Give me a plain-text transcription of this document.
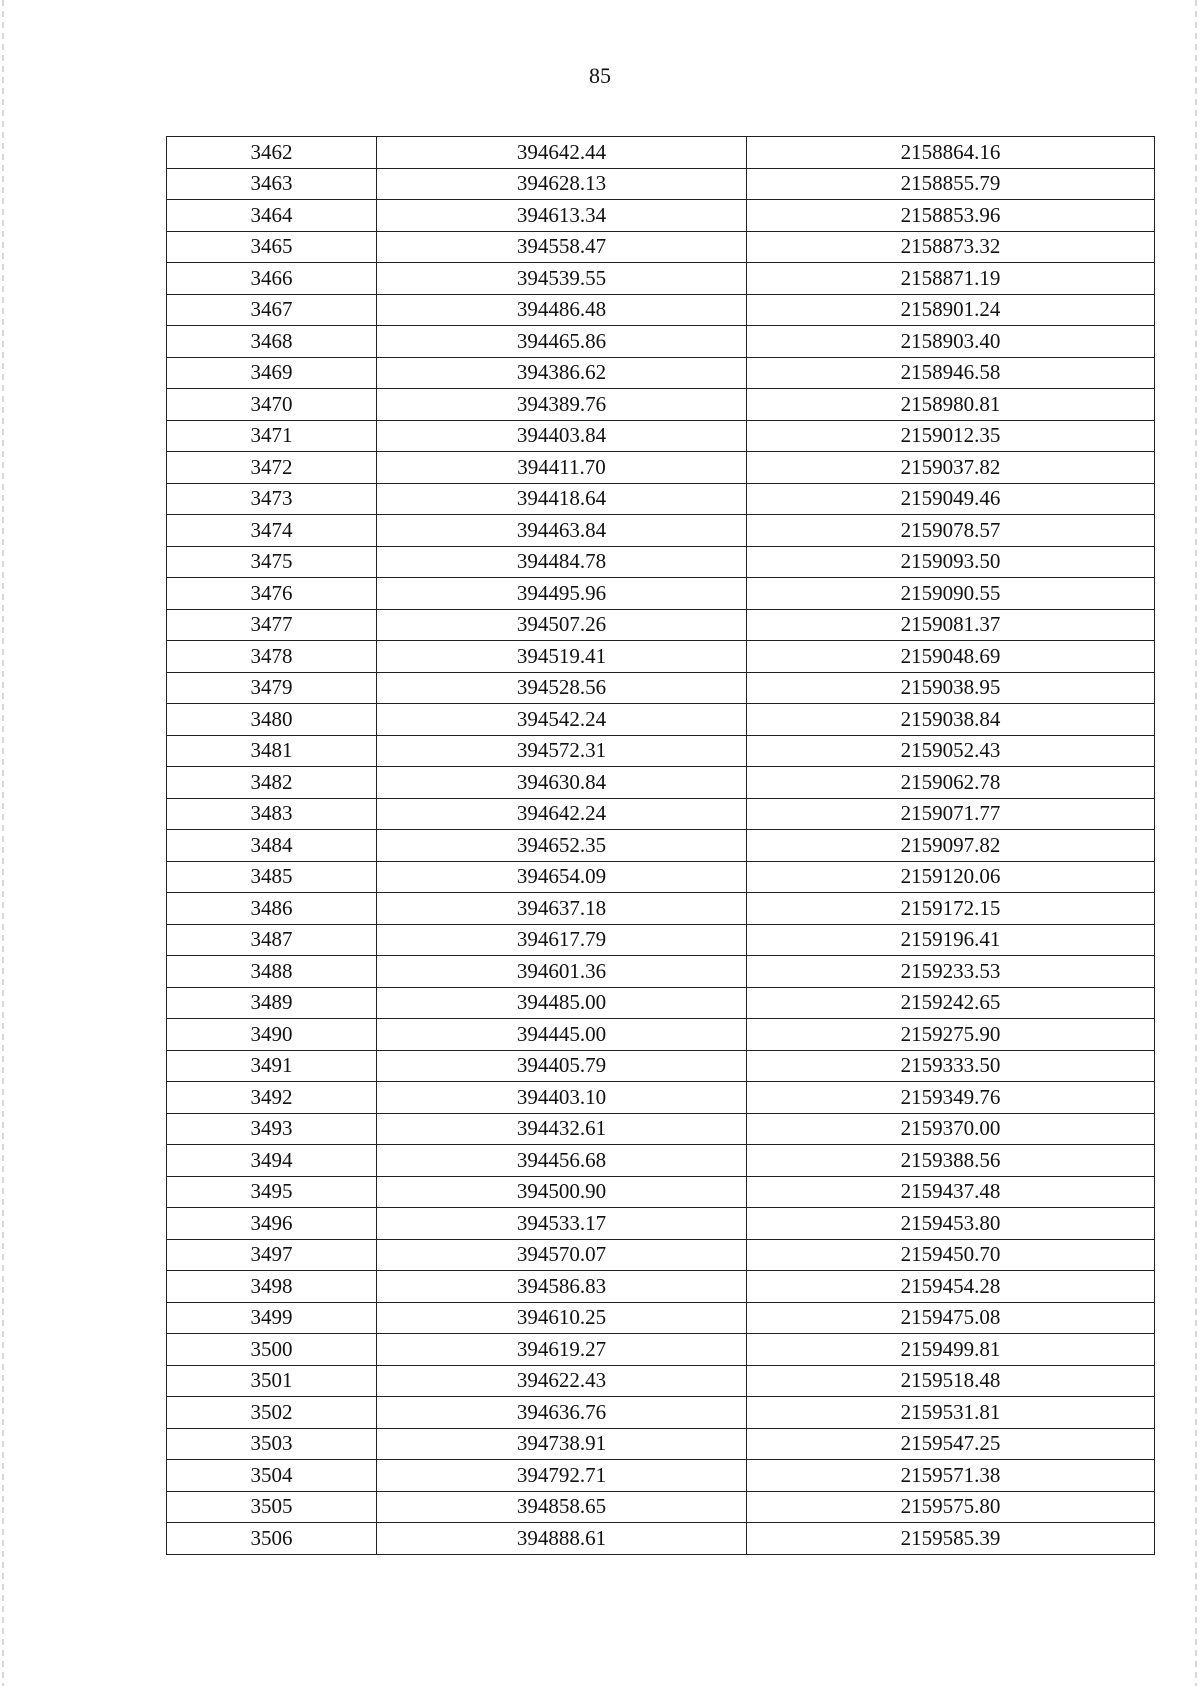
85
3462	394642.44	2158864.16
3463	394628.13	2158855.79
3464	394613.34	2158853.96
3465	394558.47	2158873.32
3466	394539.55	2158871.19
3467	394486.48	2158901.24
3468	394465.86	2158903.40
3469	394386.62	2158946.58
3470	394389.76	2158980.81
3471	394403.84	2159012.35
3472	394411.70	2159037.82
3473	394418.64	2159049.46
3474	394463.84	2159078.57
3475	394484.78	2159093.50
3476	394495.96	2159090.55
3477	394507.26	2159081.37
3478	394519.41	2159048.69
3479	394528.56	2159038.95
3480	394542.24	2159038.84
3481	394572.31	2159052.43
3482	394630.84	2159062.78
3483	394642.24	2159071.77
3484	394652.35	2159097.82
3485	394654.09	2159120.06
3486	394637.18	2159172.15
3487	394617.79	2159196.41
3488	394601.36	2159233.53
3489	394485.00	2159242.65
3490	394445.00	2159275.90
3491	394405.79	2159333.50
3492	394403.10	2159349.76
3493	394432.61	2159370.00
3494	394456.68	2159388.56
3495	394500.90	2159437.48
3496	394533.17	2159453.80
3497	394570.07	2159450.70
3498	394586.83	2159454.28
3499	394610.25	2159475.08
3500	394619.27	2159499.81
3501	394622.43	2159518.48
3502	394636.76	2159531.81
3503	394738.91	2159547.25
3504	394792.71	2159571.38
3505	394858.65	2159575.80
3506	394888.61	2159585.39
